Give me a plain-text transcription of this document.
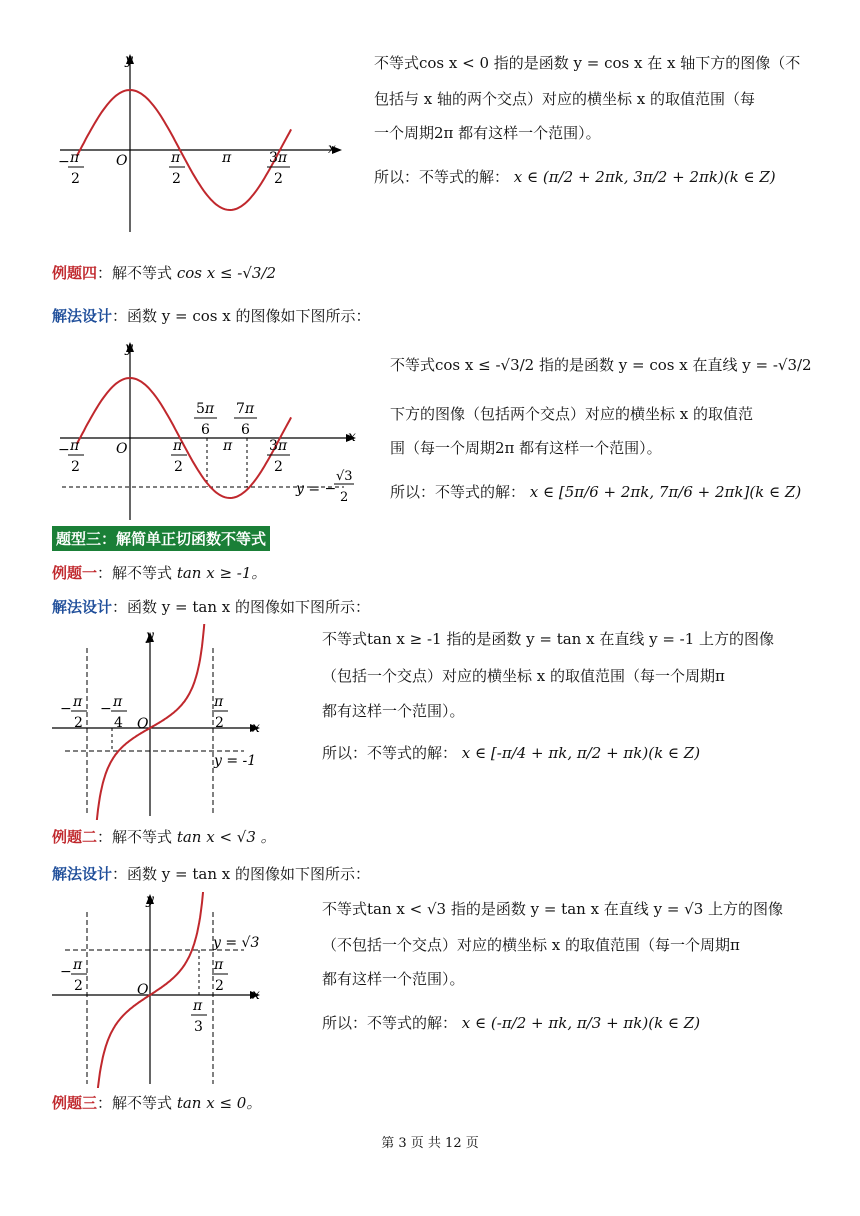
x
y
O
− π
2
π
2
π	3π
2
不等式cos x < 0 指的是函数 y = cos x 在 x 轴下方的图像（不
包括与 x 轴的两个交点）对应的横坐标 x 的取值范围（每
一个周期2π 都有这样一个范围）。
所以：不等式的解： x ∈ (π/2 + 2πk, 3π/2 + 2πk)(k ∈ Z)
例题四：解不等式 cos x ≤ -√3/2
解法设计：函数 y = cos x 的图像如下图所示：
x
y
O
− π
2
π
2
π	3π
2
5π
6
7π
6
y = −
√3
2
不等式cos x ≤ -√3/2 指的是函数 y = cos x 在直线 y = -√3/2
下方的图像（包括两个交点）对应的横坐标 x 的取值范
围（每一个周期2π 都有这样一个范围）。
所以：不等式的解： x ∈ [5π/6 + 2πk, 7π/6 + 2πk](k ∈ Z)
题型三：解简单正切函数不等式
例题一：解不等式 tan x ≥ -1。
解法设计：函数 y = tan x 的图像如下图所示：
x
y
O
− π
2
− π
4
π
2
y = -1
不等式tan x ≥ -1 指的是函数 y = tan x 在直线 y = -1 上方的图像
（包括一个交点）对应的横坐标 x 的取值范围（每一个周期π
都有这样一个范围）。
所以：不等式的解： x ∈ [-π/4 + πk, π/2 + πk)(k ∈ Z)
例题二：解不等式 tan x < √3 。
解法设计：函数 y = tan x 的图像如下图所示：
x
y
O
− π
2
π
2
π
3
y = √3
不等式tan x < √3 指的是函数 y = tan x 在直线 y = √3 上方的图像
（不包括一个交点）对应的横坐标 x 的取值范围（每一个周期π
都有这样一个范围）。
所以：不等式的解： x ∈ (-π/2 + πk, π/3 + πk)(k ∈ Z)
例题三：解不等式 tan x ≤ 0。
第 3 页 共 12 页
